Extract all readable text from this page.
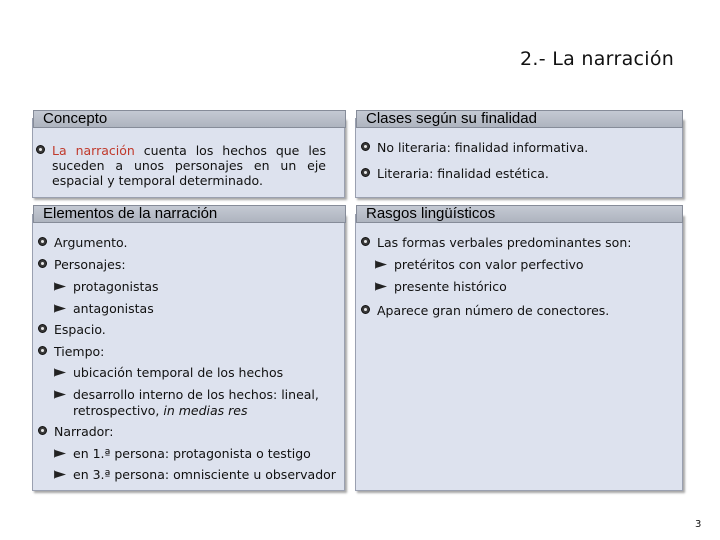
2.- La narración
Concepto
La narración cuenta los hechos que les suceden a unos personajes en un eje espacial y temporal determinado.
Clases según su finalidad
No literaria: finalidad informativa.
Literaria: finalidad estética.
Elementos de la narración
Argumento.
Personajes:
protagonistas
antagonistas
Espacio.
Tiempo:
ubicación temporal de los hechos
desarrollo interno de los hechos: lineal,
retrospectivo, in medias res
Narrador:
en 1.ª persona: protagonista o testigo
en 3.ª persona: omnisciente u observador
Rasgos lingüísticos
Las formas verbales predominantes son:
pretéritos con valor perfectivo
presente histórico
Aparece gran número de conectores.
3
